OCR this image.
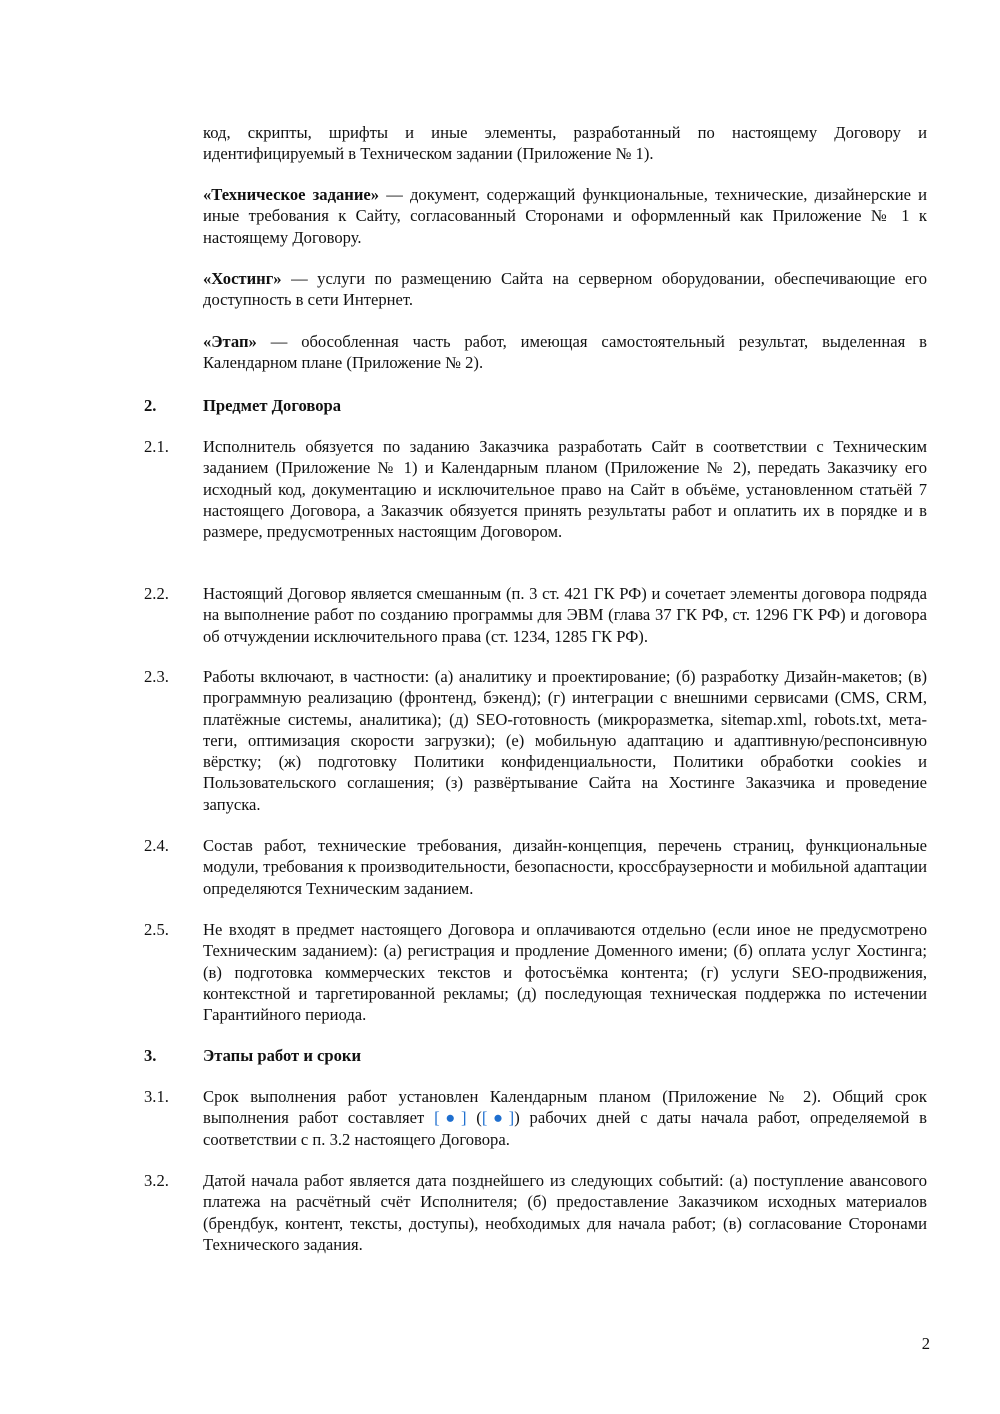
код, скрипты, шрифты и иные элементы, разработанный по настоящему Договору и идентифицируемый в Техническом задании (Приложение № 1).

«Техническое задание» — документ, содержащий функциональные, технические, дизайнерские и иные требования к Сайту, согласованный Сторонами и оформленный как Приложение № 1 к настоящему Договору.

«Хостинг» — услуги по размещению Сайта на серверном оборудовании, обеспечивающие его доступность в сети Интернет.

«Этап» — обособленная часть работ, имеющая самостоятельный результат, выделенная в Календарном плане (Приложение № 2).

2.	Предмет Договора

2.1. Исполнитель обязуется по заданию Заказчика разработать Сайт в соответствии с Техническим заданием (Приложение № 1) и Календарным планом (Приложение № 2), передать Заказчику его исходный код, документацию и исключительное право на Сайт в объёме, установленном статьёй 7 настоящего Договора, а Заказчик обязуется принять результаты работ и оплатить их в порядке и в размере, предусмотренных настоящим Договором.

2.2. Настоящий Договор является смешанным (п. 3 ст. 421 ГК РФ) и сочетает элементы договора подряда на выполнение работ по созданию программы для ЭВМ (глава 37 ГК РФ, ст. 1296 ГК РФ) и договора об отчуждении исключительного права (ст. 1234, 1285 ГК РФ).

2.3. Работы включают, в частности: (а) аналитику и проектирование; (б) разработку Дизайн-макетов; (в) программную реализацию (фронтенд, бэкенд); (г) интеграции с внешними сервисами (CMS, CRM, платёжные системы, аналитика); (д) SEO-готовность (микроразметка, sitemap.xml, robots.txt, мета-теги, оптимизация скорости загрузки); (е) мобильную адаптацию и адаптивную/респонсивную вёрстку; (ж) подготовку Политики конфиденциальности, Политики обработки cookies и Пользовательского соглашения; (з) развёртывание Сайта на Хостинге Заказчика и проведение запуска.

2.4. Состав работ, технические требования, дизайн-концепция, перечень страниц, функциональные модули, требования к производительности, безопасности, кроссбраузерности и мобильной адаптации определяются Техническим заданием.

2.5. Не входят в предмет настоящего Договора и оплачиваются отдельно (если иное не предусмотрено Техническим заданием): (а) регистрация и продление Доменного имени; (б) оплата услуг Хостинга; (в) подготовка коммерческих текстов и фотосъёмка контента; (г) услуги SEO-продвижения, контекстной и таргетированной рекламы; (д) последующая техническая поддержка по истечении Гарантийного периода.

3.	Этапы работ и сроки

3.1. Срок выполнения работ установлен Календарным планом (Приложение № 2). Общий срок выполнения работ составляет [●] ([●]) рабочих дней с даты начала работ, определяемой в соответствии с п. 3.2 настоящего Договора.

3.2. Датой начала работ является дата позднейшего из следующих событий: (а) поступление авансового платежа на расчётный счёт Исполнителя; (б) предоставление Заказчиком исходных материалов (брендбук, контент, тексты, доступы), необходимых для начала работ; (в) согласование Сторонами Технического задания.

2
